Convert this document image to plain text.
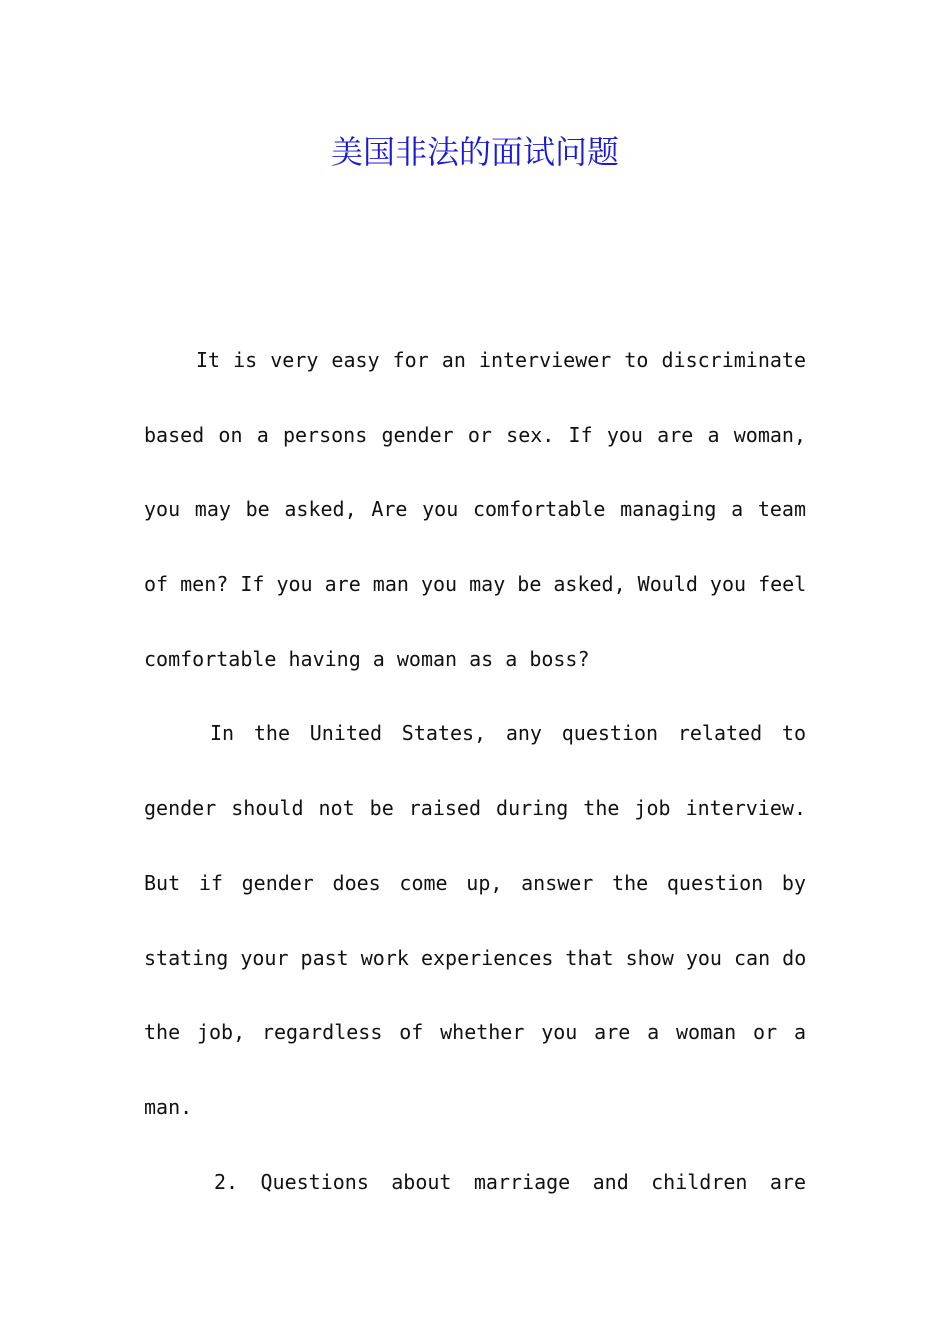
美国非法的面试问题

It is very easy for an interviewer to discriminate

based on a persons gender or sex. If you are a woman,

you may be asked, Are you comfortable managing a team

of men? If you are man you may be asked, Would you feel

comfortable having a woman as a boss?

In the United States, any question related to

gender should not be raised during the job interview.

But if gender does come up, answer the question by

stating your past work experiences that show you can do

the job, regardless of whether you are a woman or a

man.

2. Questions about marriage and children are
